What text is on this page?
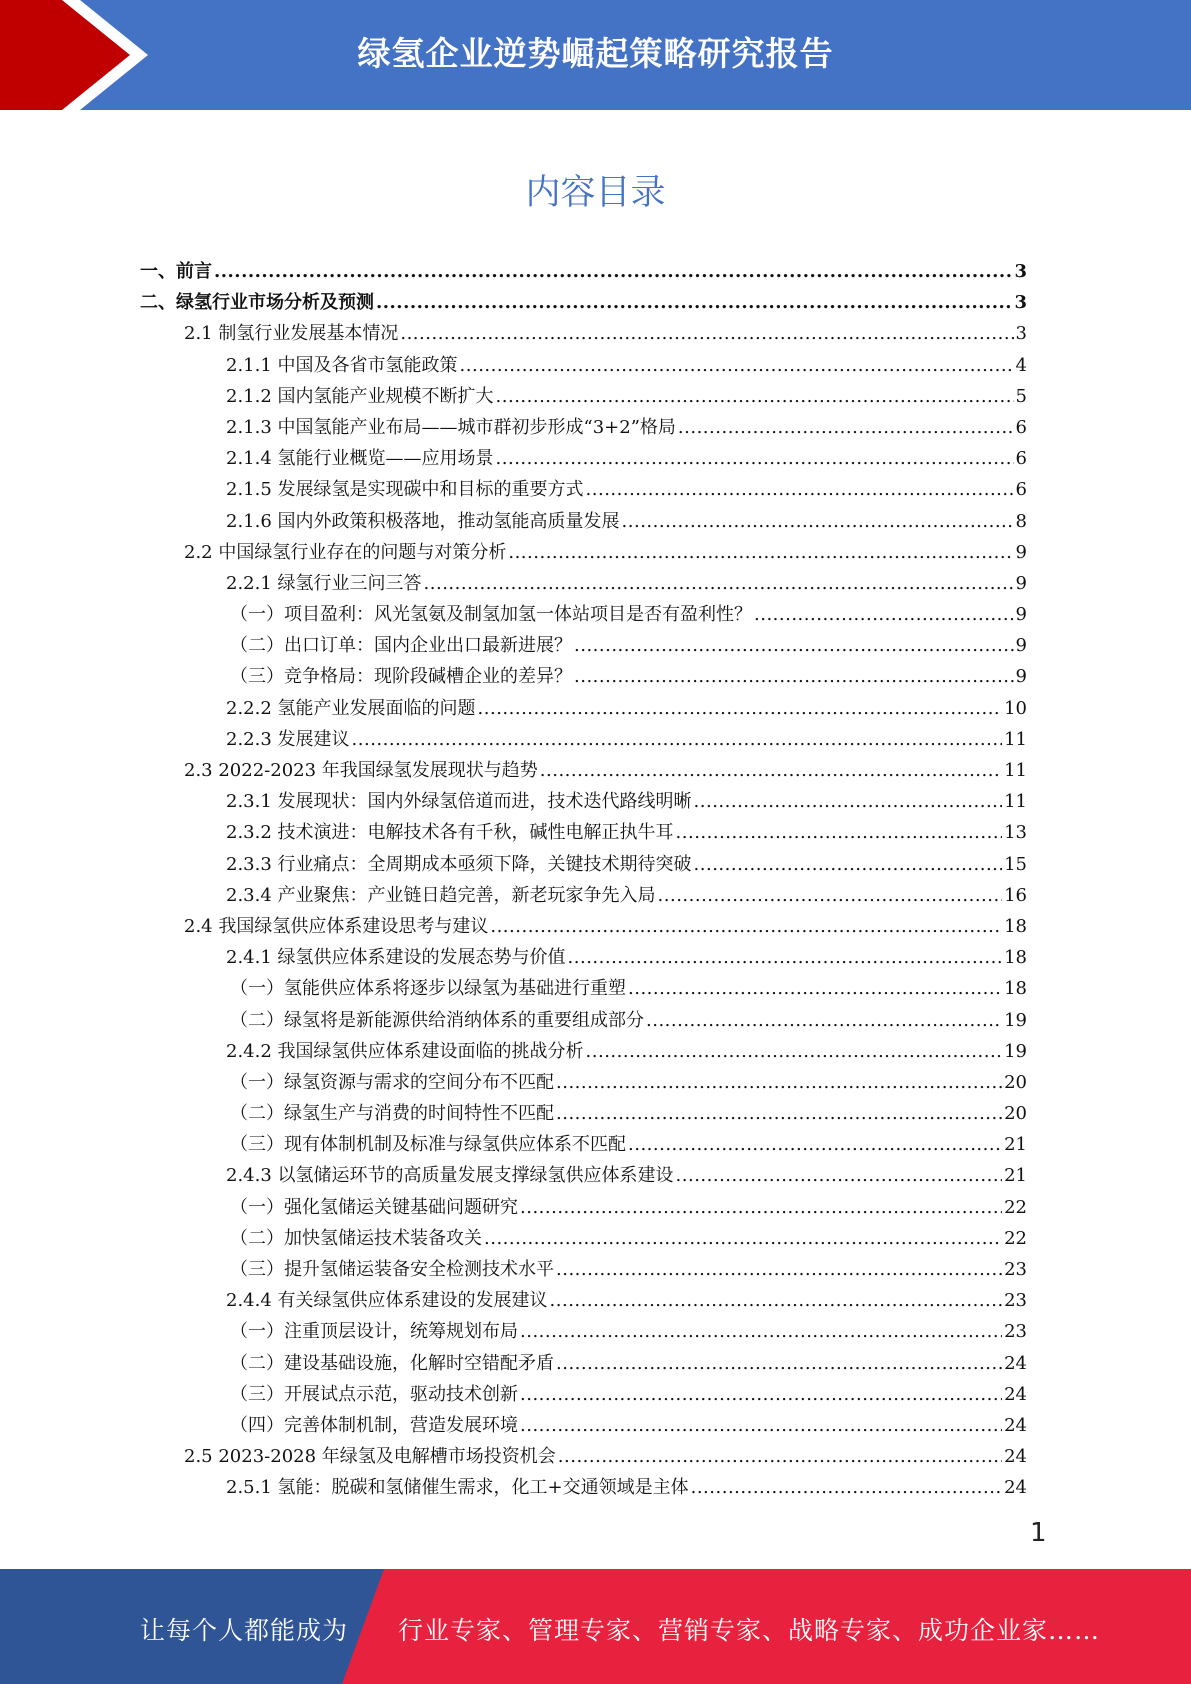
绿氢企业逆势崛起策略研究报告
内容目录
一、前言 .....	3
二、绿氢行业市场分析及预测 .....	3
2.1 制氢行业发展基本情况 .....	3
2.1.1 中国及各省市氢能政策 .....	4
2.1.2 国内氢能产业规模不断扩大 .....	5
2.1.3 中国氢能产业布局——城市群初步形成“3+2”格局 .....	6
2.1.4 氢能行业概览——应用场景 .....	6
2.1.5 发展绿氢是实现碳中和目标的重要方式 .....	6
2.1.6 国内外政策积极落地，推动氢能高质量发展 .....	8
2.2 中国绿氢行业存在的问题与对策分析 .....	9
2.2.1 绿氢行业三问三答 .....	9
（一）项目盈利：风光氢氨及制氢加氢一体站项目是否有盈利性？ .....	9
（二）出口订单：国内企业出口最新进展？ .....	9
（三）竞争格局：现阶段碱槽企业的差异？ .....	9
2.2.2 氢能产业发展面临的问题 .....	10
2.2.3 发展建议 .....	11
2.3 2022-2023 年我国绿氢发展现状与趋势 .....	11
2.3.1 发展现状：国内外绿氢倍道而进，技术迭代路线明晰 .....	11
2.3.2 技术演进：电解技术各有千秋，碱性电解正执牛耳 .....	13
2.3.3 行业痛点：全周期成本亟须下降，关键技术期待突破 .....	15
2.3.4 产业聚焦：产业链日趋完善，新老玩家争先入局 .....	16
2.4 我国绿氢供应体系建设思考与建议 .....	18
2.4.1 绿氢供应体系建设的发展态势与价值 .....	18
（一）氢能供应体系将逐步以绿氢为基础进行重塑 .....	18
（二）绿氢将是新能源供给消纳体系的重要组成部分 .....	19
2.4.2 我国绿氢供应体系建设面临的挑战分析 .....	19
（一）绿氢资源与需求的空间分布不匹配 .....	20
（二）绿氢生产与消费的时间特性不匹配 .....	20
（三）现有体制机制及标准与绿氢供应体系不匹配 .....	21
2.4.3 以氢储运环节的高质量发展支撑绿氢供应体系建设 .....	21
（一）强化氢储运关键基础问题研究 .....	22
（二）加快氢储运技术装备攻关 .....	22
（三）提升氢储运装备安全检测技术水平 .....	23
2.4.4 有关绿氢供应体系建设的发展建议 .....	23
（一）注重顶层设计，统筹规划布局 .....	23
（二）建设基础设施，化解时空错配矛盾 .....	24
（三）开展试点示范，驱动技术创新 .....	24
（四）完善体制机制，营造发展环境 .....	24
2.5 2023-2028 年绿氢及电解槽市场投资机会 .....	24
2.5.1 氢能：脱碳和氢储催生需求，化工+交通领域是主体 .....	24
1
让每个人都能成为 行业专家、管理专家、营销专家、战略专家、成功企业家……
